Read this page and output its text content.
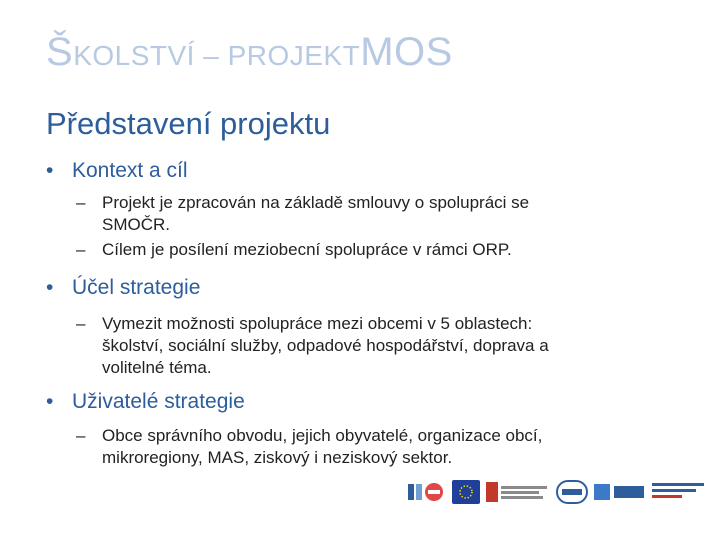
ŠKOLSTVÍ – PROJEKTMOS
Představení projektu
• Kontext a cíl
– Projekt je zpracován na základě smlouvy o spolupráci se
SMOČR.
– Cílem je posílení meziobecní spolupráce v rámci ORP.
• Účel strategie
– Vymezit možnosti spolupráce mezi obcemi v 5 oblastech:
školství, sociální služby, odpadové hospodářství, doprava a
volitelné téma.
• Uživatelé strategie
– Obce správního obvodu, jejich obyvatelé, organizace obcí,
mikroregiony, MAS, ziskový i neziskový sektor.
